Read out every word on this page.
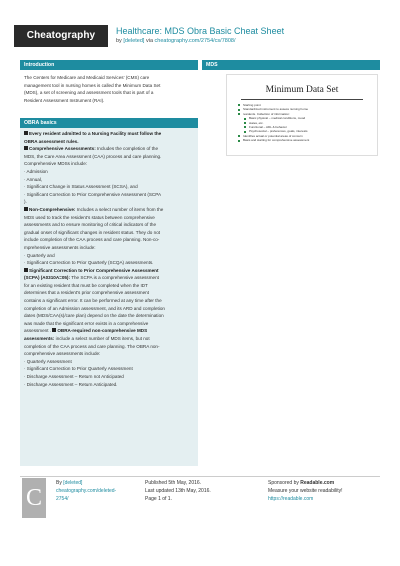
Cheatography	Healthcare: MDS Obra Basic Cheat Sheet
by [deleted] via cheatography.com/2754/cs/7808/
Introduction
The Centers for Medicare and Medicaid Services' (CMS) care
management tool in nursing homes is called the Minimum Data Set
(MDS), a set of screening and assessment tools that is part of a
Resident Assessment Instrument (RAI).
OBRA basics
Every resident admitted to a Nursing Facility must follow the
OBRA assessment rules.
Comprehensive Assessments: Includes the completion of the
MDS, the Care Area Assessment (CAA) process and care planning.
Comprehensive MDSs include:
· Admission
· Annual,
· Significant Change in Status Assessment (SCSA), and
· Significant Correction to Prior Comprehensive Assessment (SCPA
).
Non-Comprehensive: Includes a select number of items from the
MDS used to track the resident's status between comprehensive
assessments and to ensure monitoring of critical indicators of the
gradual onset of significant changes in resident status. They do not
include completion of the CAA process and care planning. Non-co-
mprehensive assessments include:
· Quarterly and
· Significant Correction to Prior Quarterly (SCQA) assessments.
Significant Correction to Prior Comprehensive Assessment
(SCPA) (A0310A=05): The SCPA is a comprehensive assessment
for an existing resident that must be completed when the IDT
determines that a resident's prior comprehensive assessment
contains a significant error. It can be performed at any time after the
completion of an Admission assessment, and its ARD and completion
dates (MDS/CAA(s)/care plan) depend on the date the determination
was made that the significant error exists in a comprehensive
assessment . OBRA-required non-comprehensive MDS
assessments: include a select number of MDS items, but not
completion of the CAA process and care planning. The OBRA non-
comprehensive assessments include:
· Quarterly Assessment
· Significant Correction to Prior Quarterly Assessment
· Discharge Assessment – Return not Anticipated
· Discharge Assessment – Return Anticipated.
MDS
Minimum Data Set
Starting point
Standardized instrument to assess nursing home
residents. Collection of information:
Basic physical – medical conditions, mood
states, etc.
Functional – ADL & behavior
Psychosocial – preferences, goals, interests
Identifies actual or potential areas of concern
Basis and starting for comprehensive assessment
C
By [deleted]
cheatography.com/deleted-
2754/
Published 5th May, 2016.
Last updated 13th May, 2016.
Page 1 of 1.
Sponsored by Readable.com
Measure your website readability!
https://readable.com
